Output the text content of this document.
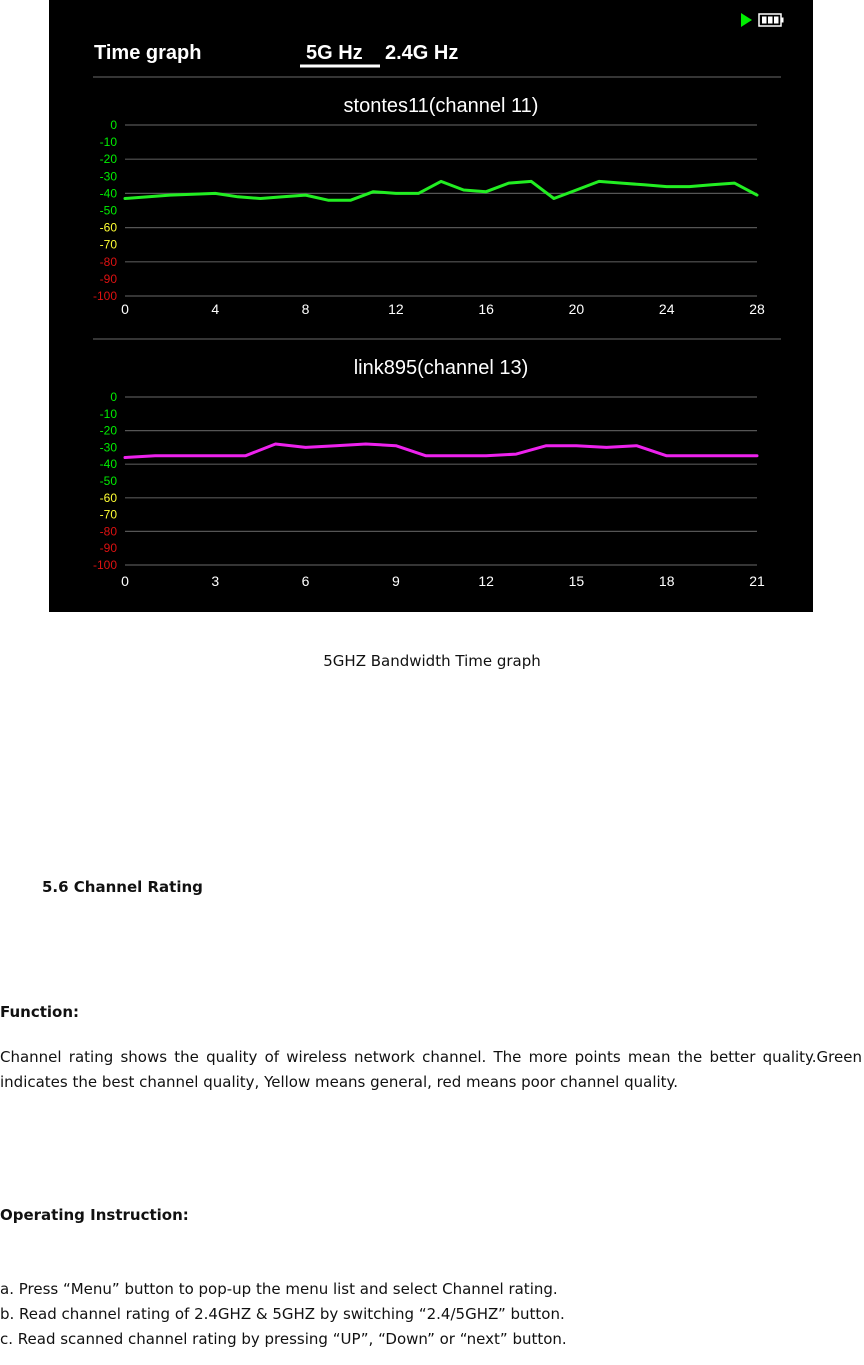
Time graph	5G Hz 2.4G Hz
stontes11(channel 11)
0
-10
-20
-30
-40
-50
-60
-70
-80
-90
-100
0	4	8	12	16	20	24	28
link895(channel 13)
0
-10
-20
-30
-40
-50
-60
-70
-80
-90
-100
0	3	6	9	12	15	18	21
5GHZ Bandwidth Time graph
5.6 Channel Rating
Function:
Channel rating shows the quality of wireless network channel. The more points mean the better quality.Green indicates the best channel quality, Yellow means general, red means poor channel quality.
Operating Instruction:
a. Press “Menu” button to pop-up the menu list and select Channel rating.
b. Read channel rating of 2.4GHZ & 5GHZ by switching “2.4/5GHZ” button.
c. Read scanned channel rating by pressing “UP”, “Down” or “next” button.
